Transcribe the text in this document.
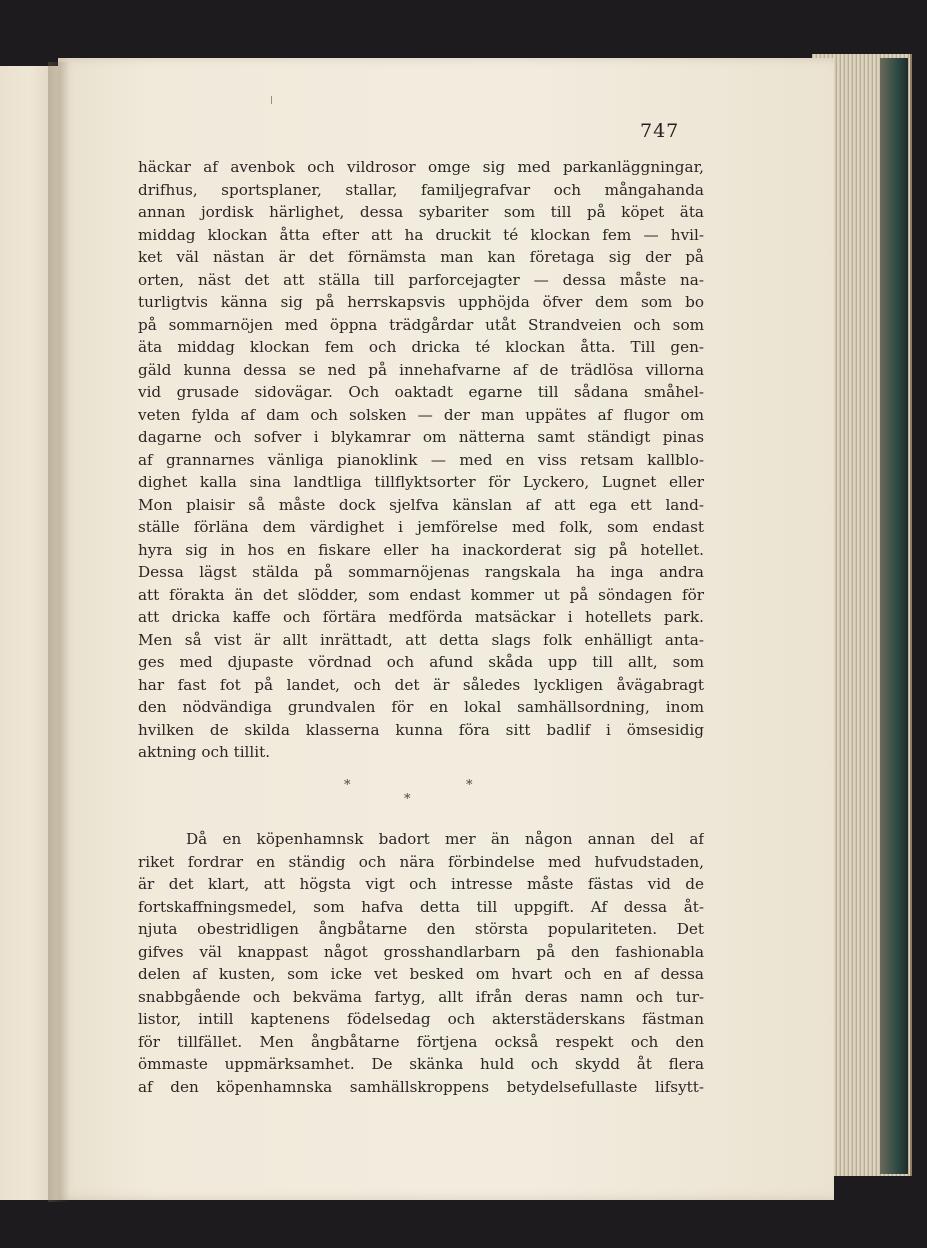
747
häckar af avenbok och vildrosor omge sig med parkanläggningar,
drifhus, sportsplaner, stallar, familjegrafvar och mångahanda
annan jordisk härlighet, dessa sybariter som till på köpet äta
middag klockan åtta efter att ha druckit té klockan fem — hvil-
ket väl nästan är det förnämsta man kan företaga sig der på
orten, näst det att ställa till parforcejagter — dessa måste na-
turligtvis känna sig på herrskapsvis upphöjda öfver dem som bo
på sommarnöjen med öppna trädgårdar utåt Strandveien och som
äta middag klockan fem och dricka té klockan åtta. Till gen-
gäld kunna dessa se ned på innehafvarne af de trädlösa villorna
vid grusade sidovägar. Och oaktadt egarne till sådana småhel-
veten fylda af dam och solsken — der man uppätes af flugor om
dagarne och sofver i blykamrar om nätterna samt ständigt pinas
af grannarnes vänliga pianoklink — med en viss retsam kallblo-
dighet kalla sina landtliga tillflyktsorter för Lyckero, Lugnet eller
Mon plaisir så måste dock sjelfva känslan af att ega ett land-
ställe förläna dem värdighet i jemförelse med folk, som endast
hyra sig in hos en fiskare eller ha inackorderat sig på hotellet.
Dessa lägst stälda på sommarnöjenas rangskala ha inga andra
att förakta än det slödder, som endast kommer ut på söndagen för
att dricka kaffe och förtära medförda matsäckar i hotellets park.
Men så vist är allt inrättadt, att detta slags folk enhälligt anta-
ges med djupaste vördnad och afund skåda upp till allt, som
har fast fot på landet, och det är således lyckligen åvägabragt
den nödvändiga grundvalen för en lokal samhällsordning, inom
hvilken de skilda klasserna kunna föra sitt badlif i ömsesidig
aktning och tillit.
*
*
*
Då en köpenhamnsk badort mer än någon annan del af
riket fordrar en ständig och nära förbindelse med hufvudstaden,
är det klart, att högsta vigt och intresse måste fästas vid de
fortskaffningsmedel, som hafva detta till uppgift. Af dessa åt-
njuta obestridligen ångbåtarne den största populariteten. Det
gifves väl knappast något grosshandlarbarn på den fashionabla
delen af kusten, som icke vet besked om hvart och en af dessa
snabbgående och bekväma fartyg, allt ifrån deras namn och tur-
listor, intill kaptenens födelsedag och akterstäderskans fästman
för tillfället. Men ångbåtarne förtjena också respekt och den
ömmaste uppmärksamhet. De skänka huld och skydd åt flera
af den köpenhamnska samhällskroppens betydelsefullaste lifsytt-
